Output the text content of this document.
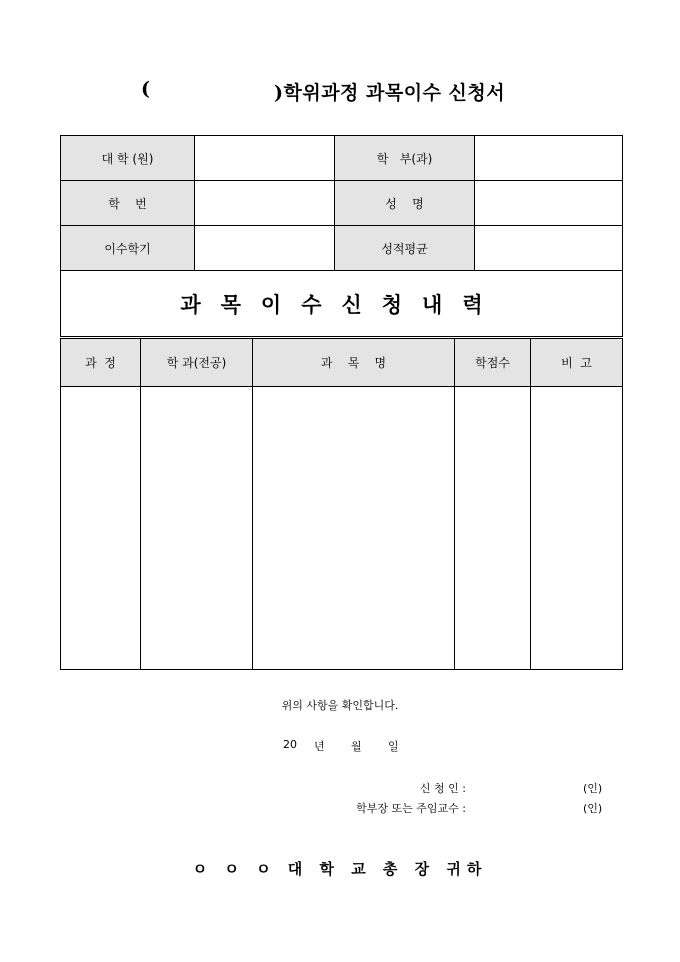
(	)학위과정 과목이수 신청서
대 학 (원)		학   부(과)	
학    번		성    명	
이수학기		성적평균	
과목이수신청내력			
과  정	학 과(전공)	과    목    명	학점수	비  고

위의 사항을 확인합니다.
20 년 월 일
신 청 인 :	(인)
학부장 또는 주임교수 :	(인)
ㅇ ㅇ ㅇ 대 학 교 총 장 귀하
